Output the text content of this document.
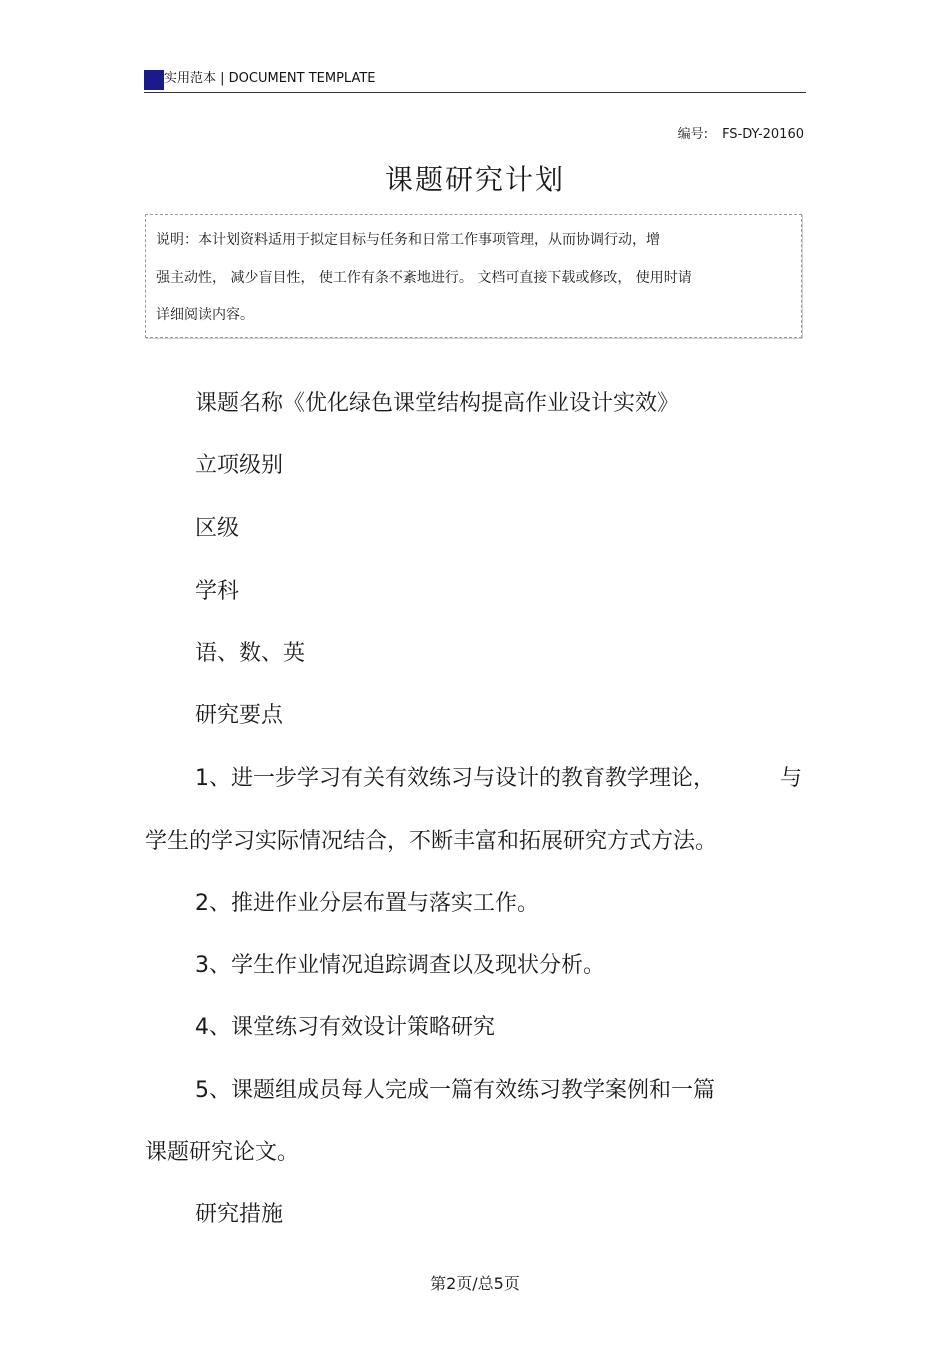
实用范本 | DOCUMENT TEMPLATE
编号: FS-DY-20160
课题研究计划
说明：本计划资料适用于拟定目标与任务和日常工作事项管理，从而协调行动，增
强主动性， 减少盲目性， 使工作有条不紊地进行。 文档可直接下载或修改， 使用时请
详细阅读内容。
课题名称《优化绿色课堂结构提高作业设计实效》
立项级别
区级
学科
语、数、英
研究要点
1、进一步学习有关有效练习与设计的教育教学理论，	与
学生的学习实际情况结合，不断丰富和拓展研究方式方法。
2、推进作业分层布置与落实工作。
3、学生作业情况追踪调查以及现状分析。
4、课堂练习有效设计策略研究
5、课题组成员每人完成一篇有效练习教学案例和一篇
课题研究论文。
研究措施
第2页/总5页
